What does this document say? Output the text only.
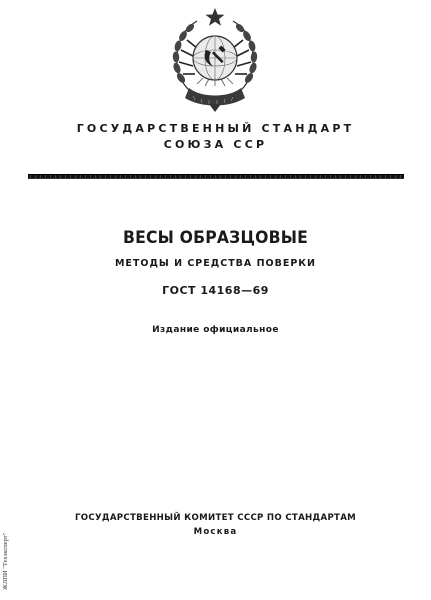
ГОСУДАРСТВЕННЫЙ СТАНДАРТ
СОЮЗА ССР
ВЕСЫ ОБРАЗЦОВЫЕ
МЕТОДЫ И СРЕДСТВА ПОВЕРКИ
ГОСТ 14168—69
Издание официальное
ГОСУДАРСТВЕННЫЙ КОМИТЕТ СССР ПО СТАНДАРТАМ
Москва
ЖЛПИ "Техэксперт"
